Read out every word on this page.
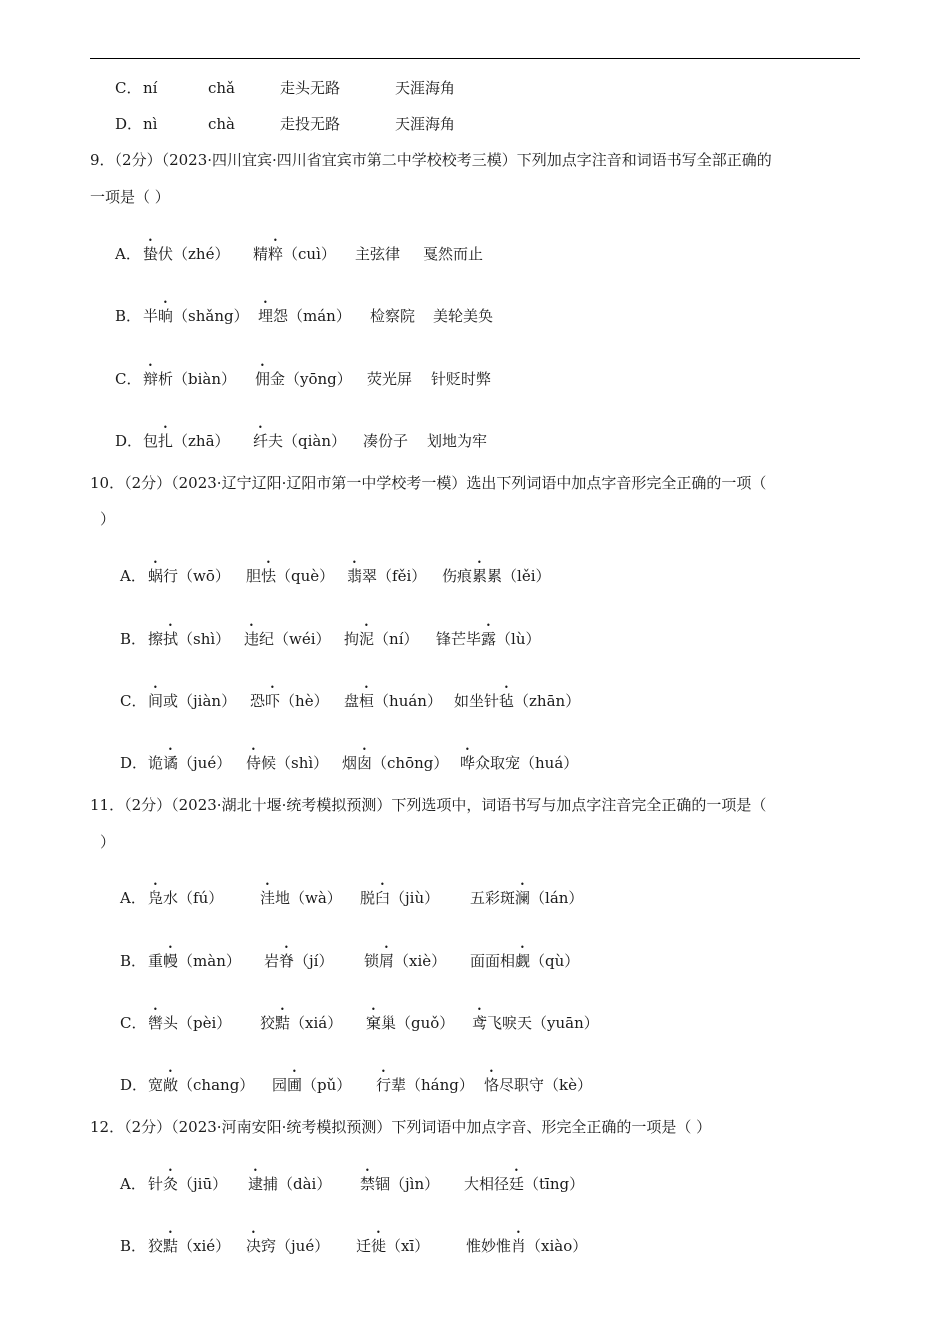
C． ní	chǎ	走头无路	天涯海角
D．nì	chà	走投无路	天涯海角
9．（2分）（2023·四川宜宾·四川省宜宾市第二中学校校考三模）下列加点字注音和词语书写全部正确的
一项是（ ）
A． 蛰伏（zhé） 精粹（cuì） 主弦律 戛然而止
B． 半晌（shǎng） 埋怨（mán） 检察院 美轮美奂
C． 辩析（biàn） 佣金（yōng） 荧光屏 针贬时弊
D．包扎（zhā） 纤夫（qiàn） 凑份子 划地为牢
10．（2分）（2023·辽宁辽阳·辽阳市第一中学校考一模）选出下列词语中加点字音形完全正确的一项（
）
A． 蜗行（wō） 胆怯（què） 翡翠（fěi） 伤痕累累（lěi）
B． 擦拭（shì） 违纪（wéi） 拘泥（ní） 锋芒毕露（lù）
C． 间或（jiàn） 恐吓（hè） 盘桓（huán） 如坐针毡（zhān）
D．诡谲（jué） 侍候（shì） 烟囱（chōng） 哗众取宠（huá）
11．（2分）（2023·湖北十堰·统考模拟预测）下列选项中，词语书写与加点字注音完全正确的一项是（
）
A． 凫水（fú） 洼地（wà） 脱臼（jiù） 五彩斑澜（lán）
B． 重幔（màn） 岩脊（jí） 锁屑（xiè） 面面相觑（qù）
C． 辔头（pèi） 狡黠（xiá） 窠巢（guǒ） 鸢飞唳天（yuān）
D．宽敞（chang） 园圃（pǔ） 行辈（háng） 恪尽职守（kè）
12．（2分）（2023·河南安阳·统考模拟预测）下列词语中加点字音、形完全正确的一项是（ ）
A． 针灸（jiū） 逮捕（dài） 禁锢（jìn） 大相径廷（tīng）
B． 狡黠（xié） 决窍（jué） 迁徙（xī） 惟妙惟肖（xiào）
